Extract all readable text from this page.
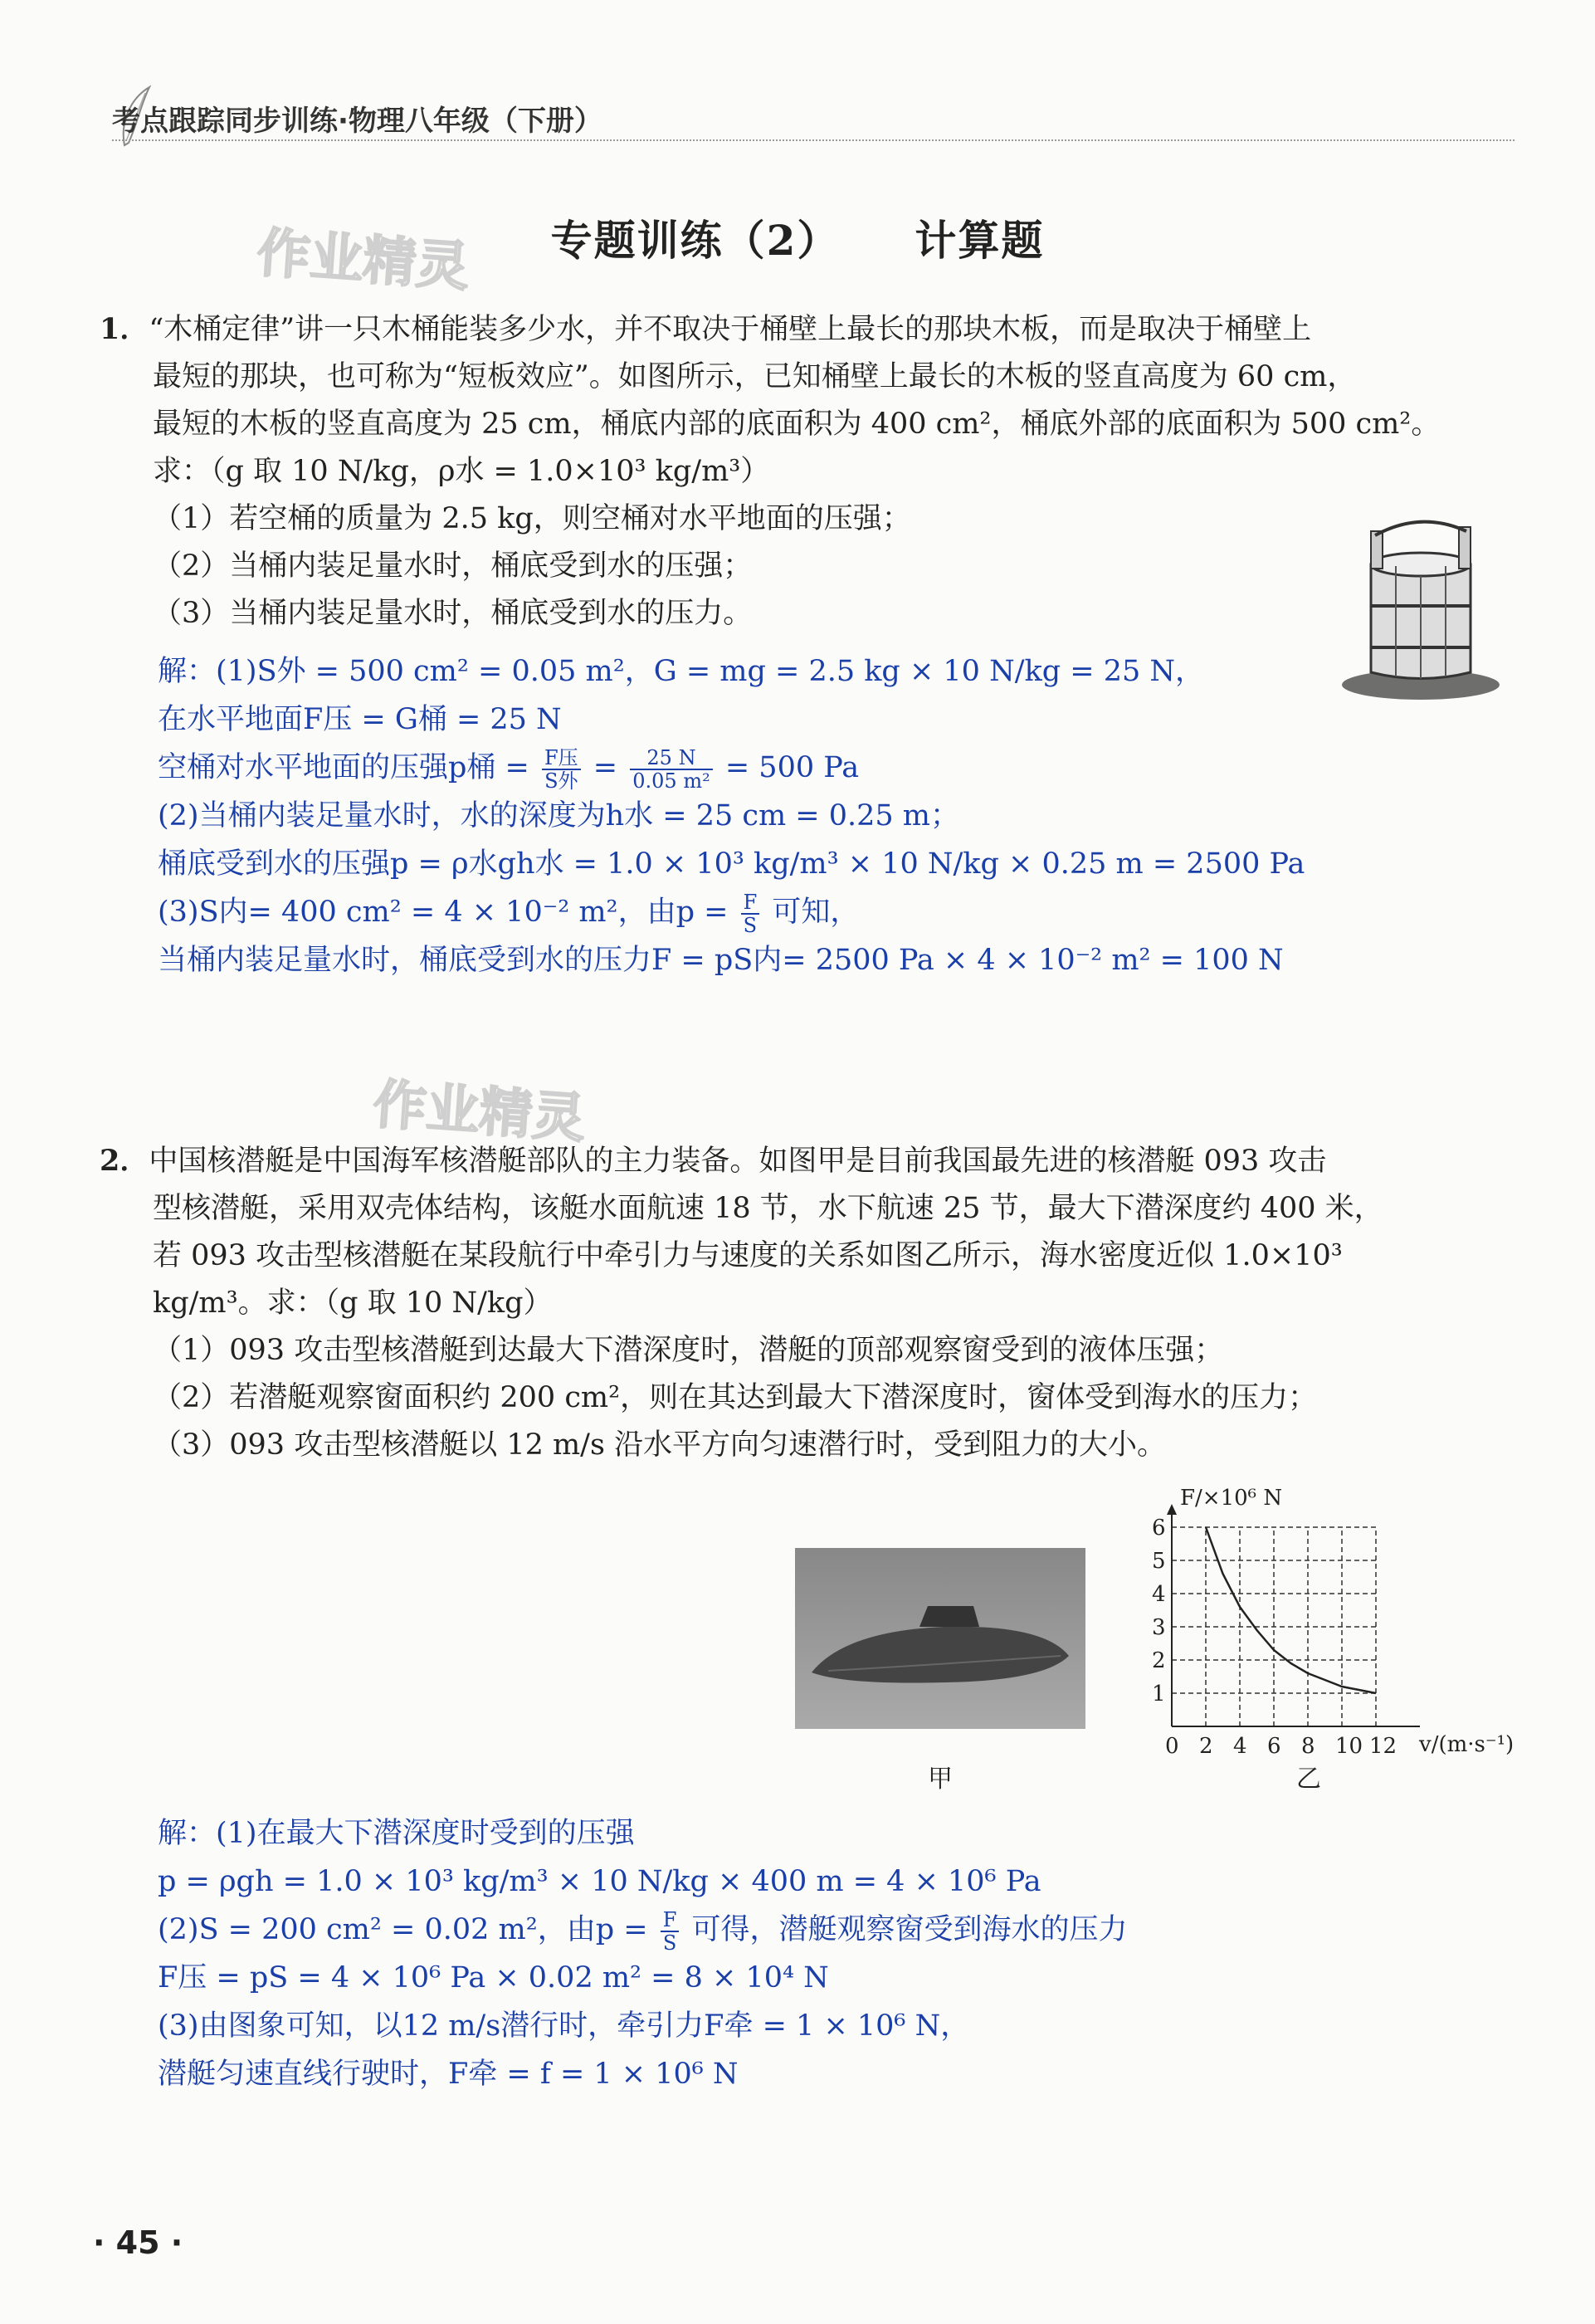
考点跟踪同步训练·物理八年级（下册）
专题训练（2） 计算题
作业精灵
作业精灵

1．“木桶定律”讲一只木桶能装多少水，并不取决于桶壁上最长的那块木板，而是取决于桶壁上

最短的那块，也可称为“短板效应”。如图所示，已知桶壁上最长的木板的竖直高度为 60 cm，

最短的木板的竖直高度为 25 cm，桶底内部的底面积为 400 cm²，桶底外部的底面积为 500 cm²。

求：（g 取 10 N/kg，ρ水 = 1.0×10³ kg/m³）

（1）若空桶的质量为 2.5 kg，则空桶对水平地面的压强；

（2）当桶内装足量水时，桶底受到水的压强；

（3）当桶内装足量水时，桶底受到水的压力。

解：(1)S外 = 500 cm² = 0.05 m²，G = mg = 2.5 kg × 10 N/kg = 25 N，

在水平地面F压 = G桶 = 25 N

空桶对水平地面的压强p桶 = $\frac{\text{F压}}{\text{S外}} = \frac{25 N}{\text{0.05 m²}} = 500$ Pa

(2)当桶内装足量水时，水的深度为h水 = 25 cm = 0.25 m；

桶底受到水的压强p = ρ水gh水 = 1.0 × 10³ kg/m³ × 10 N/kg × 0.25 m = 2500 Pa

(3)S内= 400 cm² = 4 × 10⁻² m²，由$p = \frac{F}{S}$ 可知，

当桶内装足量水时，桶底受到水的压力F = pS内= 2500 Pa × 4 × 10⁻² m² = 100 N

2．中国核潜艇是中国海军核潜艇部队的主力装备。如图甲是目前我国最先进的核潜艇 093 攻击

型核潜艇，采用双壳体结构，该艇水面航速 18 节，水下航速 25 节，最大下潜深度约 400 米，

若 093 攻击型核潜艇在某段航行中牵引力与速度的关系如图乙所示，海水密度近似 1.0×10³

kg/m³。求：（g 取 10 N/kg）

（1）093 攻击型核潜艇到达最大下潜深度时，潜艇的顶部观察窗受到的液体压强；

（2）若潜艇观察窗面积约 200 cm²，则在其达到最大下潜深度时，窗体受到海水的压力；

（3）093 攻击型核潜艇以 12 m/s 沿水平方向匀速潜行时，受到阻力的大小。

甲
0 2 4 6 8 10 12
1
2
3
4
5
6
F/×10⁶ N
v/(m·s⁻¹)
乙

解：(1)在最大下潜深度时受到的压强

p = ρgh = 1.0 × 10³ kg/m³ × 10 N/kg × 400 m = 4 × 10⁶ Pa

(2)S = 200 cm² = 0.02 m²，由$p = \frac{F}{S}$ 可得，潜艇观察窗受到海水的压力

F压 = pS = 4 × 10⁶ Pa × 0.02 m² = 8 × 10⁴ N

(3)由图象可知，以12 m/s潜行时，牵引力F牵 = 1 × 10⁶ N，

潜艇匀速直线行驶时，F牵 = f = 1 × 10⁶ N

· 45 ·
